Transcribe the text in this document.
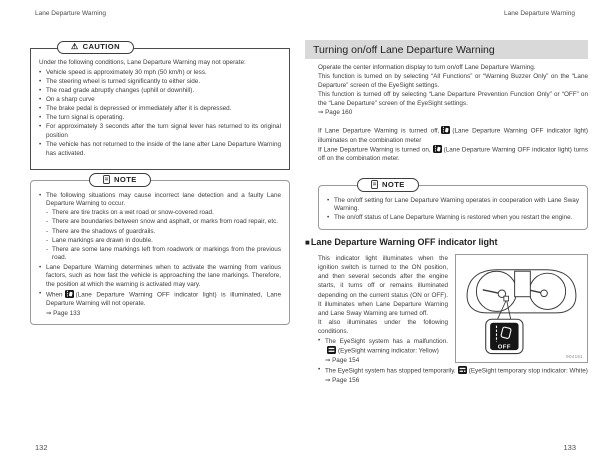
Lane Departure Warning	Lane Departure Warning
⚠ CAUTION
Under the following conditions, Lane Departure Warning may not operate:
• Vehicle speed is approximately 30 mph (50 km/h) or less.
• The steering wheel is turned significantly to either side.
• The road grade abruptly changes (uphill or downhill).
• On a sharp curve
• The brake pedal is depressed or immediately after it is depressed.
• The turn signal is operating.
• For approximately 3 seconds after the turn signal lever has returned to its original position
• The vehicle has not returned to the inside of the lane after Lane Departure Warning has activated.
NOTE
• The following situations may cause incorrect lane detection and a faulty Lane Departure Warning to occur.
- There are tire tracks on a wet road or snow-covered road.
- There are boundaries between snow and asphalt, or marks from road repair, etc.
- There are the shadows of guardrails.
- Lane markings are drawn in double.
- There are some lane markings left from roadwork or markings from the previous road.
• Lane Departure Warning determines when to activate the warning from various factors, such as how fast the vehicle is approaching the lane markings. Therefore, the position at which the warning is activated may vary.
• When (Lane Departure Warning OFF indicator light) is illuminated, Lane Departure Warning will not operate.
⇒ Page 133
Turning on/off Lane Departure Warning

Operate the center information display to turn on/off Lane Departure Warning.

This function is turned on by selecting “All Functions” or “Warning Buzzer Only” on the “Lane Departure” screen of the EyeSight settings.

This function is turned off by selecting “Lane Departure Prevention Function Only” or “OFF” on the “Lane Departure” screen of the EyeSight settings.

⇒ Page 160

If Lane Departure Warning is turned off, (Lane Departure Warning OFF indicator light) illuminates on the combination meter

If Lane Departure Warning is turned on, (Lane Departure Warning OFF indicator light) turns off on the combination meter.

NOTE
• The on/off setting for Lane Departure Warning operates in cooperation with Lane Sway Warning.
• The on/off status of Lane Departure Warning is restored when you restart the engine.
■ Lane Departure Warning OFF indicator light
OFF
904161
This indicator light illuminates when the ignition switch is turned to the ON position, and then several seconds after the engine starts, it turns off or remains illuminated depending on the current status (ON or OFF). It illuminates when Lane Departure Warning and Lane Sway Warning are turned off.
It also illuminates under the following conditions.
• The EyeSight system has a malfunction.
(EyeSight warning indicator: Yellow)
⇒ Page 154
• The EyeSight system has stopped temporarily. (EyeSight temporary stop indicator: White)
⇒ Page 156
132	133
